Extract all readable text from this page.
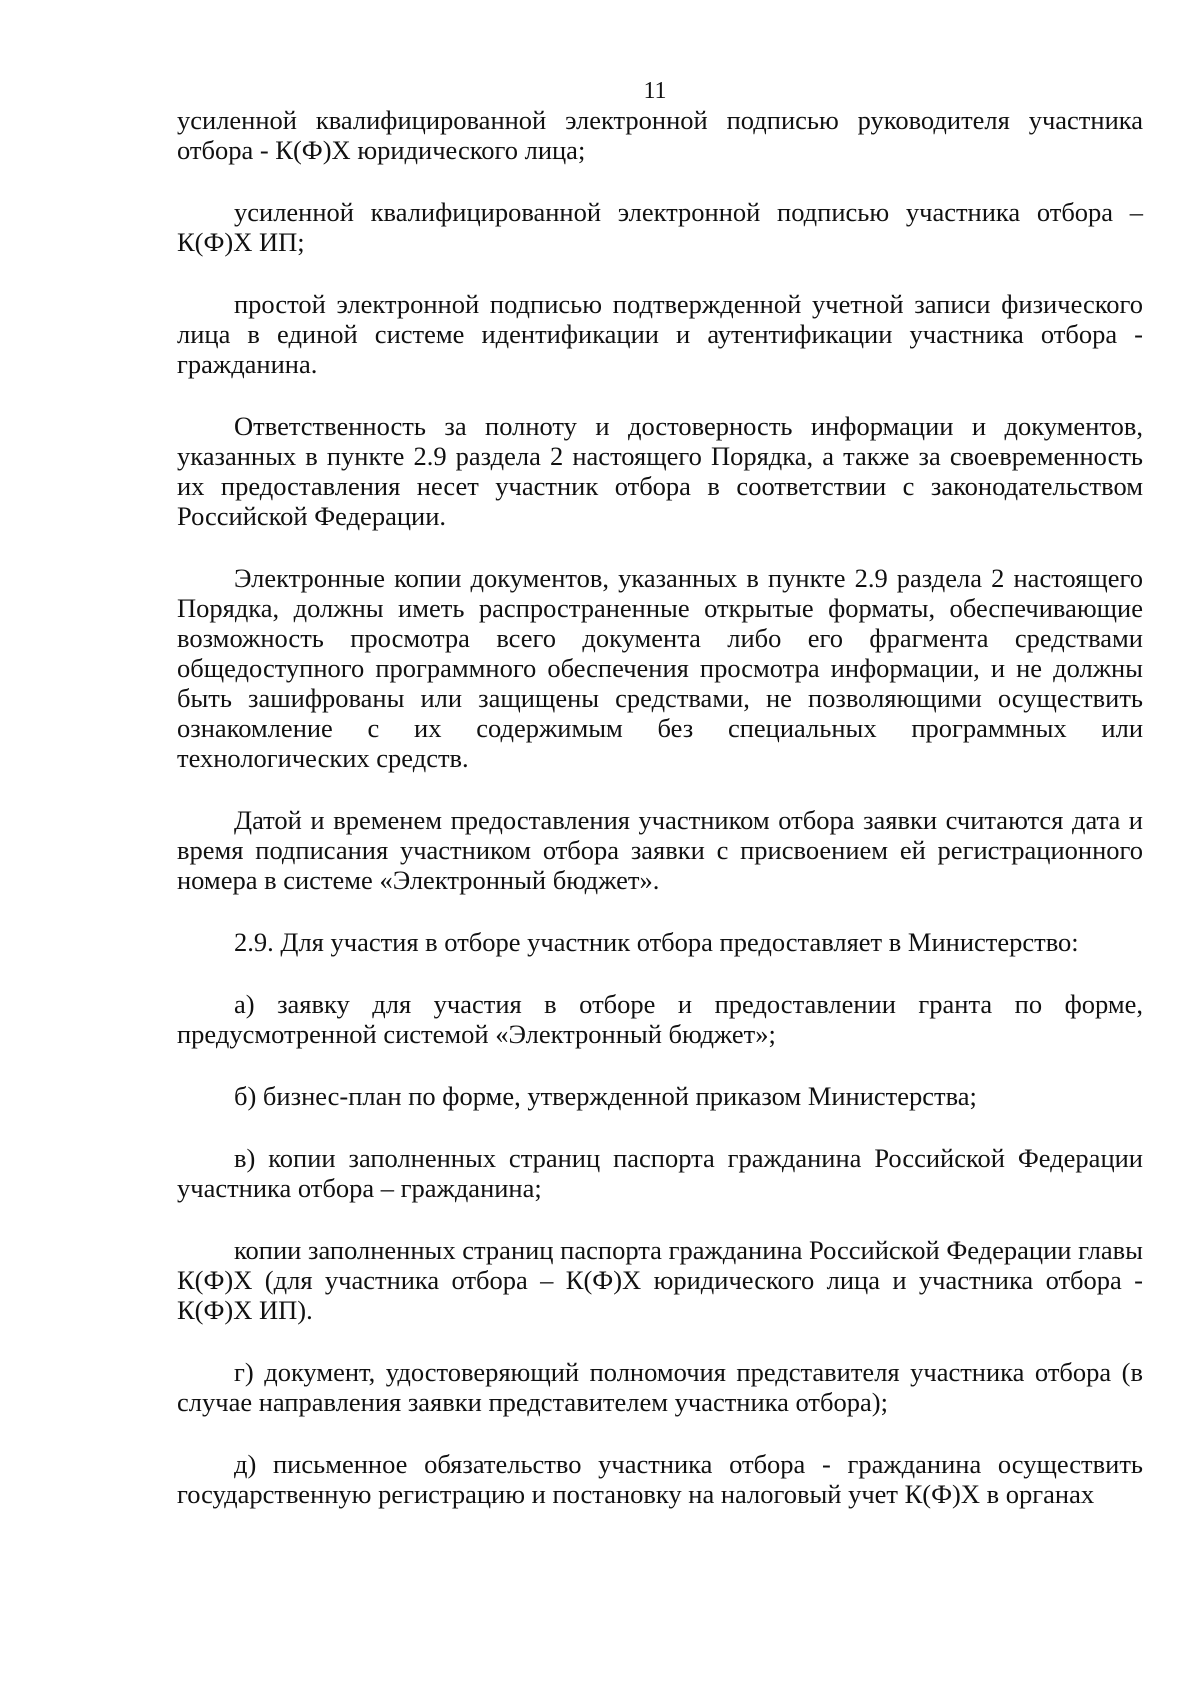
11

усиленной квалифицированной электронной подписью руководителя участника отбора - К(Ф)Х юридического лица;

усиленной квалифицированной электронной подписью участника отбора – К(Ф)Х ИП;

простой электронной подписью подтвержденной учетной записи физического лица в единой системе идентификации и аутентификации участника отбора - гражданина.

Ответственность за полноту и достоверность информации и документов, указанных в пункте 2.9 раздела 2 настоящего Порядка, а также за своевременность их предоставления несет участник отбора в соответствии с законодательством Российской Федерации.

Электронные копии документов, указанных в пункте 2.9 раздела 2 настоящего Порядка, должны иметь распространенные открытые форматы, обеспечивающие возможность просмотра всего документа либо его фрагмента средствами общедоступного программного обеспечения просмотра информации, и не должны быть зашифрованы или защищены средствами, не позволяющими осуществить ознакомление с их содержимым без специальных программных или технологических средств.

Датой и временем предоставления участником отбора заявки считаются дата и время подписания участником отбора заявки с присвоением ей регистрационного номера в системе «Электронный бюджет».

2.9. Для участия в отборе участник отбора предоставляет в Министерство:

а) заявку для участия в отборе и предоставлении гранта по форме, предусмотренной системой «Электронный бюджет»;

б) бизнес-план по форме, утвержденной приказом Министерства;

в) копии заполненных страниц паспорта гражданина Российской Федерации участника отбора – гражданина;

копии заполненных страниц паспорта гражданина Российской Федерации главы К(Ф)Х (для участника отбора – К(Ф)Х юридического лица и участника отбора - К(Ф)Х ИП).

г) документ, удостоверяющий полномочия представителя участника отбора (в случае направления заявки представителем участника отбора);

д) письменное обязательство участника отбора - гражданина осуществить государственную регистрацию и постановку на налоговый учет К(Ф)Х в органах
